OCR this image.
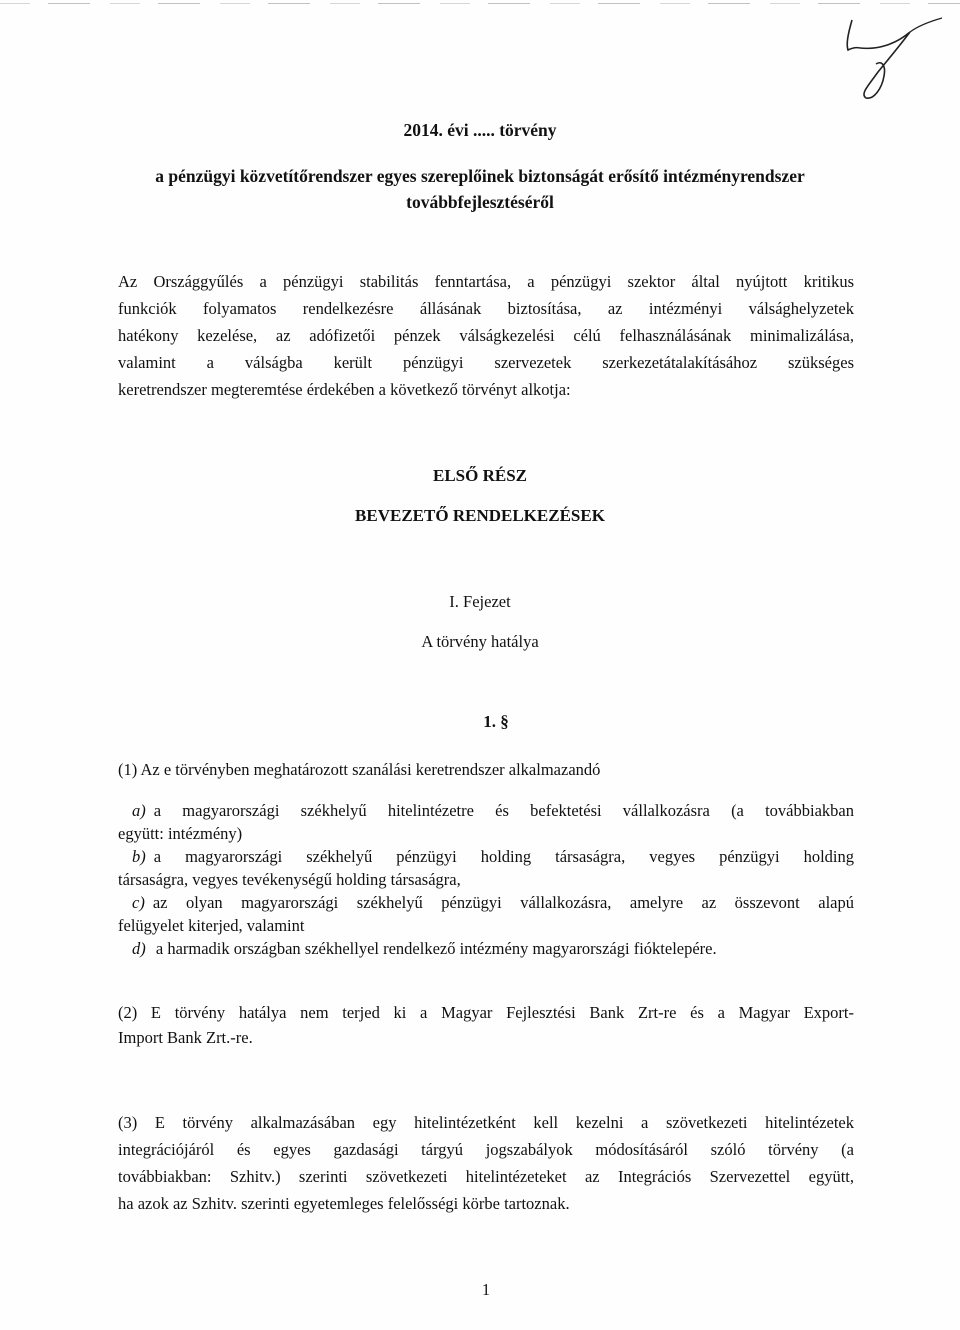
2014. évi ..... törvény
a pénzügyi közvetítőrendszer egyes szereplőinek biztonságát erősítő intézményrendszer
továbbfejlesztéséről
Az Országgyűlés a pénzügyi stabilitás fenntartása, a pénzügyi szektor által nyújtott kritikus
funkciók folyamatos rendelkezésre állásának biztosítása, az intézményi válsághelyzetek
hatékony kezelése, az adófizetői pénzek válságkezelési célú felhasználásának minimalizálása,
valamint a válságba került pénzügyi szervezetek szerkezetátalakításához szükséges
keretrendszer megteremtése érdekében a következő törvényt alkotja:
ELSŐ RÉSZ
BEVEZETŐ RENDELKEZÉSEK
I. Fejezet
A törvény hatálya
1. §
(1) Az e törvényben meghatározott szanálási keretrendszer alkalmazandó
a) a magyarországi székhelyű hitelintézetre és befektetési vállalkozásra (a továbbiakban
együtt: intézmény)
b) a magyarországi székhelyű pénzügyi holding társaságra, vegyes pénzügyi holding
társaságra, vegyes tevékenységű holding társaságra,
c) az olyan magyarországi székhelyű pénzügyi vállalkozásra, amelyre az összevont alapú
felügyelet kiterjed, valamint
d) a harmadik országban székhellyel rendelkező intézmény magyarországi fióktelepére.
(2) E törvény hatálya nem terjed ki a Magyar Fejlesztési Bank Zrt-re és a Magyar Export-
Import Bank Zrt.-re.
(3) E törvény alkalmazásában egy hitelintézetként kell kezelni a szövetkezeti hitelintézetek
integrációjáról és egyes gazdasági tárgyú jogszabályok módosításáról szóló törvény (a
továbbiakban: Szhitv.) szerinti szövetkezeti hitelintézeteket az Integrációs Szervezettel együtt,
ha azok az Szhitv. szerinti egyetemleges felelősségi körbe tartoznak.
1
